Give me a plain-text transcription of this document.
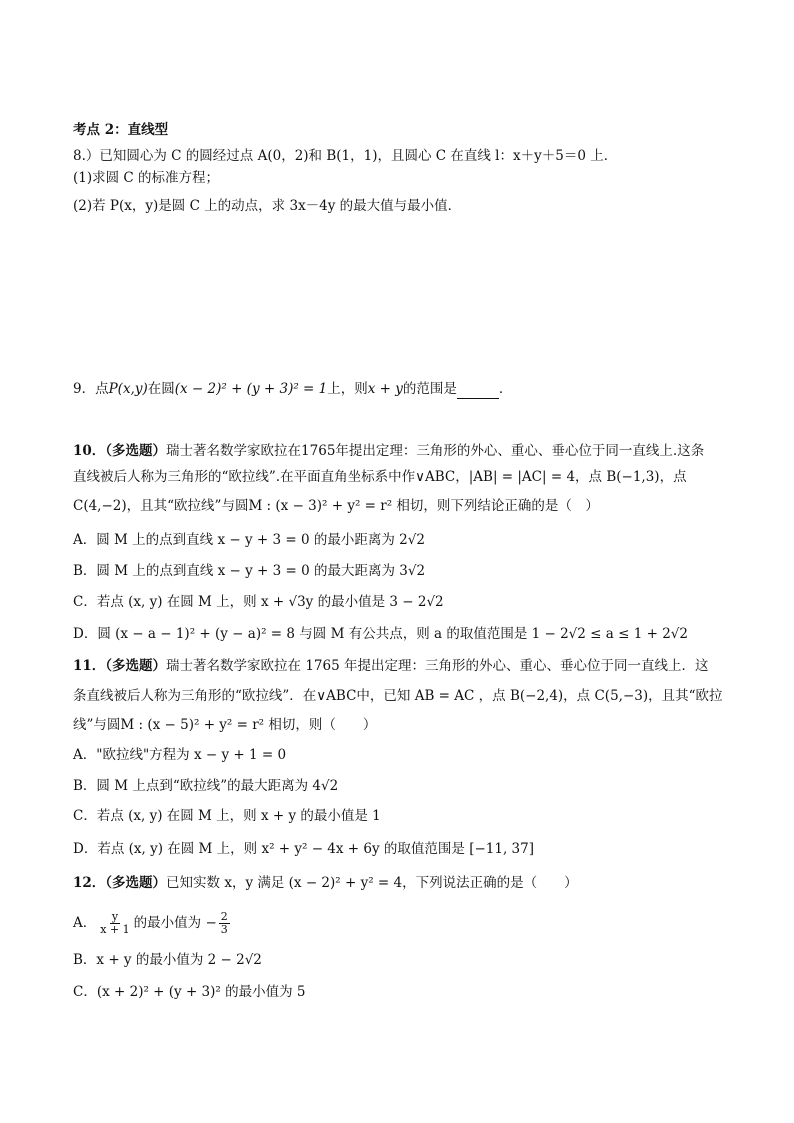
考点 2：直线型
8.）已知圆心为 C 的圆经过点 A(0，2)和 B(1，1)，且圆心 C 在直线 l：x＋y＋5＝0 上．
(1)求圆 C 的标准方程；
(2)若 P(x，y)是圆 C 上的动点，求 3x－4y 的最大值与最小值．
9．点P(x,y)在圆(x − 2)² + (y + 3)² = 1上，则x + y的范围是	．
10．（多选题）瑞士著名数学家欧拉在1765年提出定理：三角形的外心、重心、垂心位于同一直线上.这条
直线被后人称为三角形的“欧拉线”.在平面直角坐标系中作∨ABC，|AB| = |AC| = 4，点 B(−1,3)，点
C(4,−2)，且其“欧拉线”与圆M : (x − 3)² + y² = r² 相切，则下列结论正确的是（　）
A．圆 M 上的点到直线 x − y + 3 = 0 的最小距离为 2√2
B．圆 M 上的点到直线 x − y + 3 = 0 的最大距离为 3√2
C．若点 (x, y) 在圆 M 上，则 x + √3y 的最小值是 3 − 2√2
D．圆 (x − a − 1)² + (y − a)² = 8 与圆 M 有公共点，则 a 的取值范围是 1 − 2√2 ≤ a ≤ 1 + 2√2
11．（多选题）瑞士著名数学家欧拉在 1765 年提出定理：三角形的外心、重心、垂心位于同一直线上．这
条直线被后人称为三角形的“欧拉线”．在∨ABC中，已知 AB = AC ，点 B(−2,4)，点 C(5,−3)，且其“欧拉
线”与圆M : (x − 5)² + y² = r² 相切，则（　　）
A．"欧拉线"方程为 x − y + 1 = 0
B．圆 M 上点到“欧拉线”的最大距离为 4√2
C．若点 (x, y) 在圆 M 上，则 x + y 的最小值是 1
D．若点 (x, y) 在圆 M 上，则 x² + y² − 4x + 6y 的取值范围是 [−11, 37]
12．（多选题）已知实数 x，y 满足 (x − 2)² + y² = 4，下列说法正确的是（　　）
A． $\frac{y}{x + 1}$ 的最小值为 − $\frac{2}{3}$
B．x + y 的最小值为 2 − 2√2
C．(x + 2)² + (y + 3)² 的最小值为 5
